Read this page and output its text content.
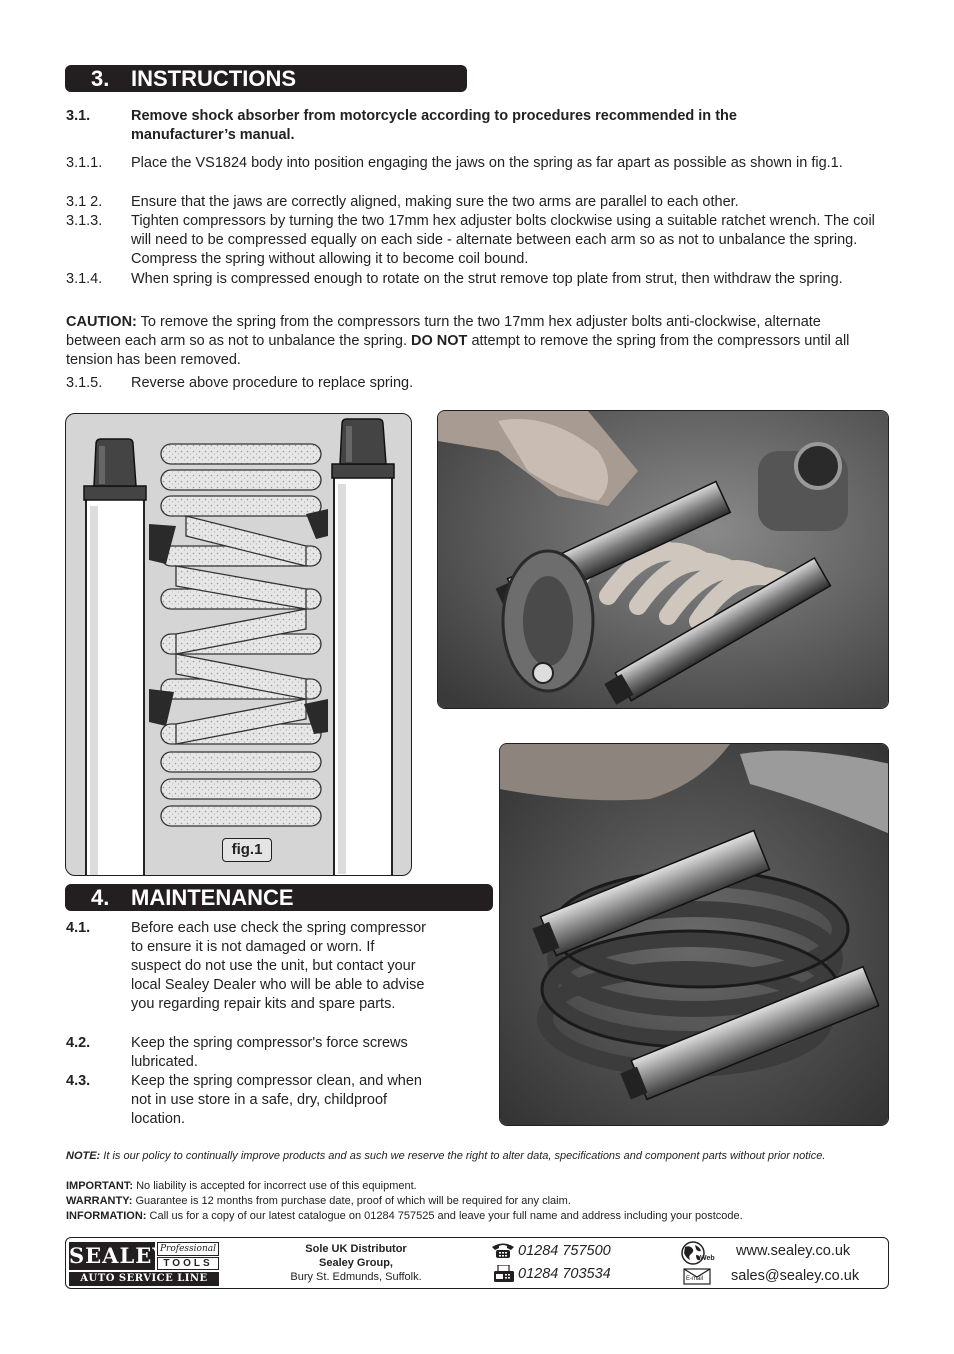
3. INSTRUCTIONS
3.1.	Remove shock absorber from motorcycle according to procedures recommended in the manufacturer’s manual.
3.1.1.	Place the VS1824 body into position engaging the jaws on the spring as far apart as possible as shown in fig.1.
3.1 2.	Ensure that the jaws are correctly aligned, making sure the two arms are parallel to each other.
3.1.3.	Tighten compressors by turning the two 17mm hex adjuster bolts clockwise using a suitable ratchet wrench. The coil will need to be compressed equally on each side - alternate between each arm so as not to unbalance the spring. Compress the spring without allowing it to become coil bound.
3.1.4.	When spring is compressed enough to rotate on the strut remove top plate from strut, then withdraw the spring.
CAUTION: To remove the spring from the compressors turn the two 17mm hex adjuster bolts anti-clockwise, alternate between each arm so as not to unbalance the spring. DO NOT attempt to remove the spring from the compressors until all tension has been removed.
3.1.5.	Reverse above procedure to replace spring.
fig.1
4. MAINTENANCE
4.1.	Before each use check the spring compressor to ensure it is not damaged or worn. If suspect do not use the unit, but contact your local Sealey Dealer who will be able to advise you regarding repair kits and spare parts.
4.2.	Keep the spring compressor's force screws lubricated.
4.3.	Keep the spring compressor clean, and when not in use store in a safe, dry, childproof location.
NOTE: It is our policy to continually improve products and as such we reserve the right to alter data, specifications and component parts without prior notice.
IMPORTANT: No liability is accepted for incorrect use of this equipment.
WARRANTY: Guarantee is 12 months from purchase date, proof of which will be required for any claim.
INFORMATION: Call us for a copy of our latest catalogue on 01284 757525 and leave your full name and address including your postcode.
SEALEY
Professional
TOOLS
AUTO SERVICE LINE
Sole UK Distributor
Sealey Group,
Bury St. Edmunds, Suffolk.
01284 757500
01284 703534
Web www.sealey.co.uk
E-mail sales@sealey.co.uk
